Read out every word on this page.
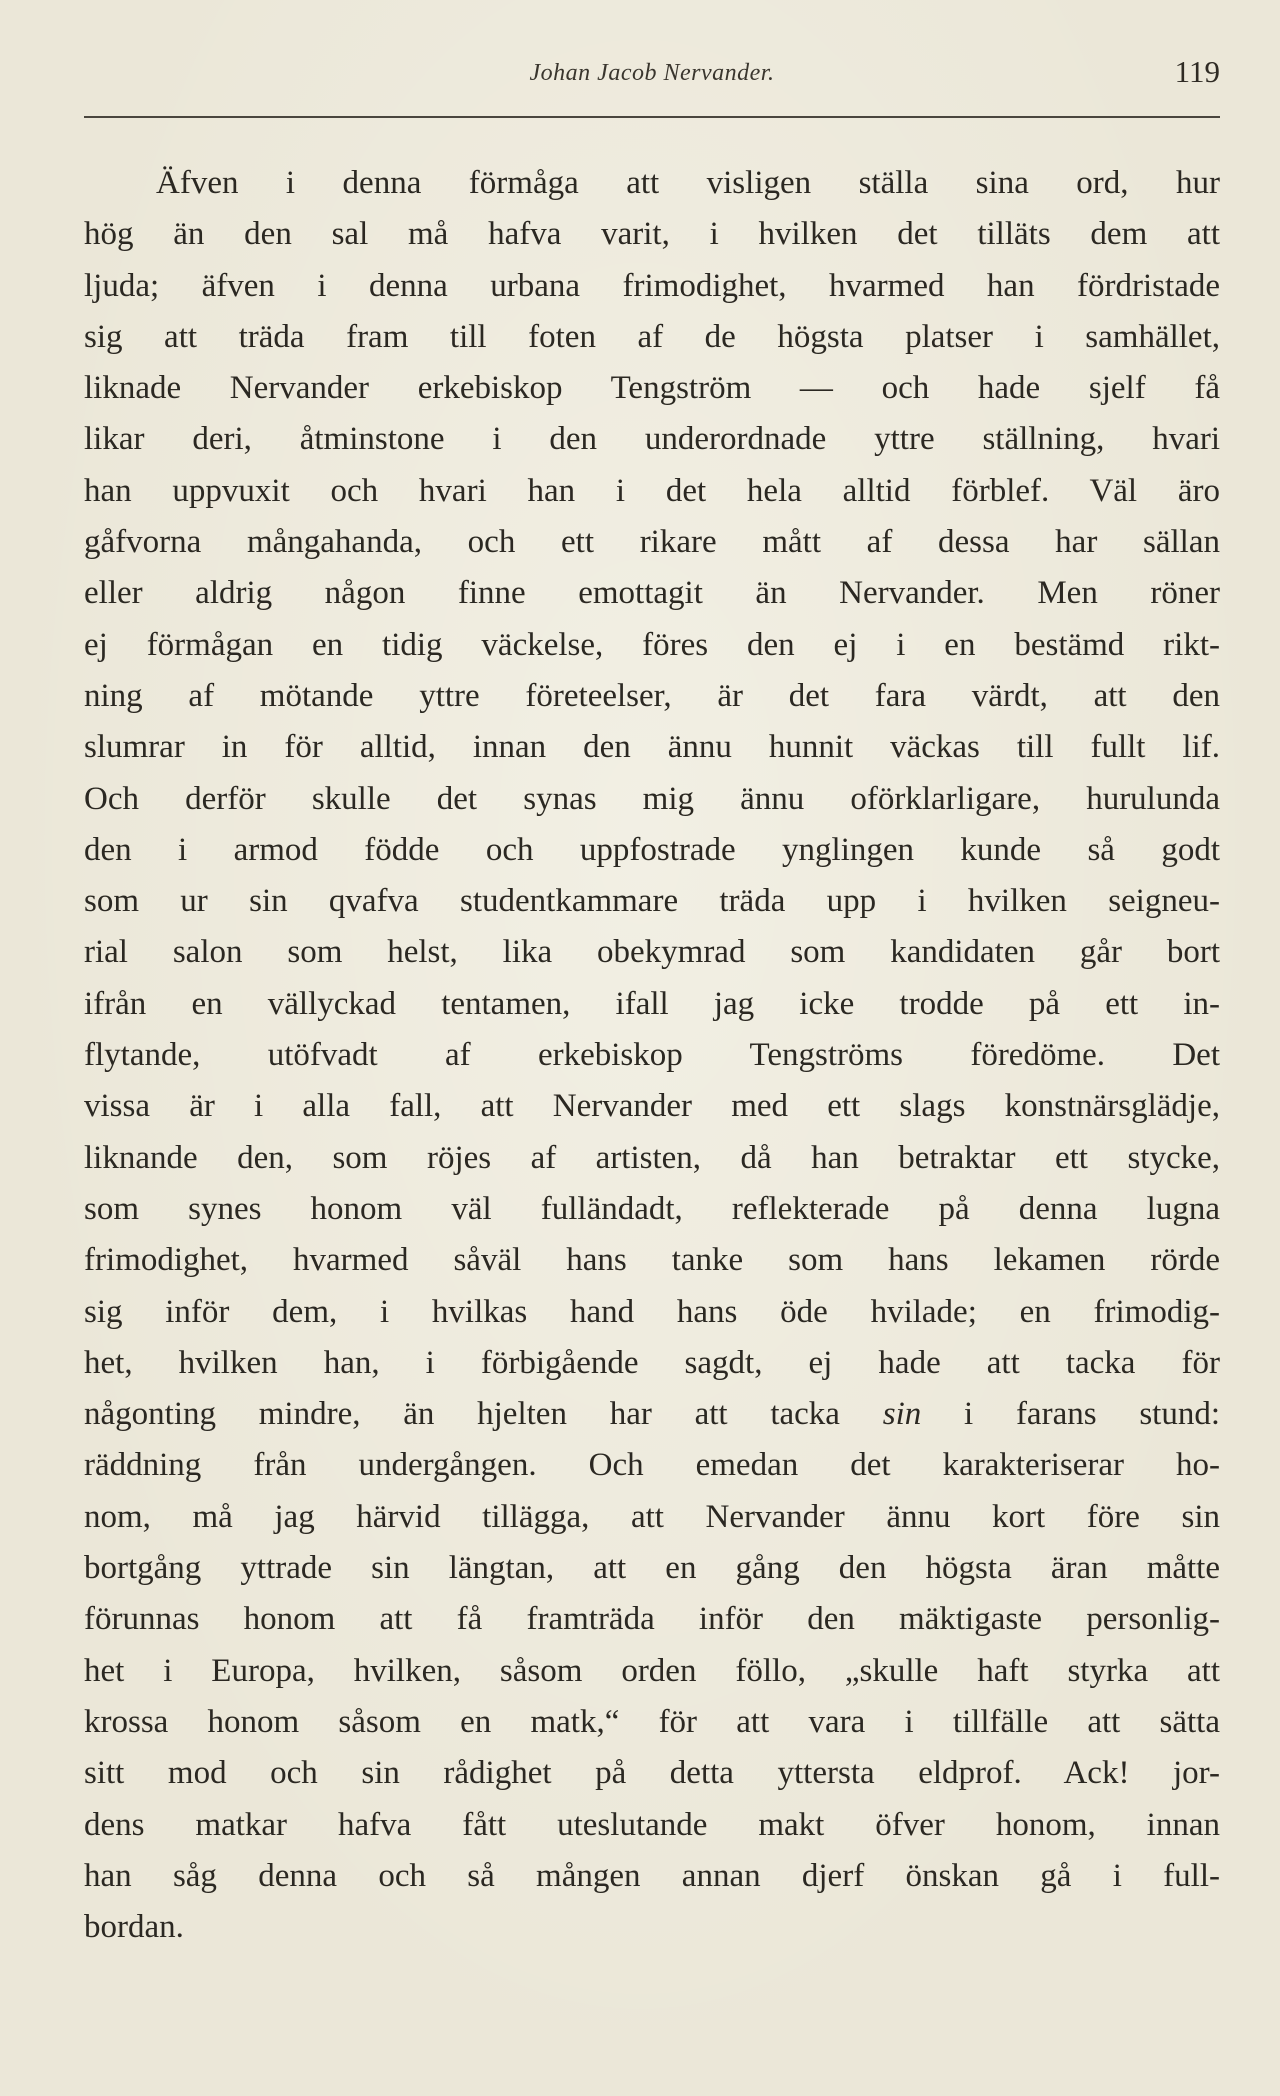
Johan Jacob Nervander.	119
Äfven i denna förmåga att visligen ställa sina ord, hur
hög än den sal må hafva varit, i hvilken det tilläts dem att
ljuda; äfven i denna urbana frimodighet, hvarmed han fördristade
sig att träda fram till foten af de högsta platser i samhället,
liknade Nervander erkebiskop Tengström — och hade sjelf få
likar deri, åtminstone i den underordnade yttre ställning, hvari
han uppvuxit och hvari han i det hela alltid förblef. Väl äro
gåfvorna mångahanda, och ett rikare mått af dessa har sällan
eller aldrig någon finne emottagit än Nervander. Men röner
ej förmågan en tidig väckelse, föres den ej i en bestämd rikt-
ning af mötande yttre företeelser, är det fara värdt, att den
slumrar in för alltid, innan den ännu hunnit väckas till fullt lif.
Och derför skulle det synas mig ännu oförklarligare, hurulunda
den i armod födde och uppfostrade ynglingen kunde så godt
som ur sin qvafva studentkammare träda upp i hvilken seigneu-
rial salon som helst, lika obekymrad som kandidaten går bort
ifrån en vällyckad tentamen, ifall jag icke trodde på ett in-
flytande, utöfvadt af erkebiskop Tengströms föredöme. Det
vissa är i alla fall, att Nervander med ett slags konstnärsglädje,
liknande den, som röjes af artisten, då han betraktar ett stycke,
som synes honom väl fulländadt, reflekterade på denna lugna
frimodighet, hvarmed såväl hans tanke som hans lekamen rörde
sig inför dem, i hvilkas hand hans öde hvilade; en frimodig-
het, hvilken han, i förbigående sagdt, ej hade att tacka för
någonting mindre, än hjelten har att tacka sin i farans stund:
räddning från undergången. Och emedan det karakteriserar ho-
nom, må jag härvid tillägga, att Nervander ännu kort före sin
bortgång yttrade sin längtan, att en gång den högsta äran måtte
förunnas honom att få framträda inför den mäktigaste personlig-
het i Europa, hvilken, såsom orden föllo, „skulle haft styrka att
krossa honom såsom en matk,“ för att vara i tillfälle att sätta
sitt mod och sin rådighet på detta yttersta eldprof. Ack! jor-
dens matkar hafva fått uteslutande makt öfver honom, innan
han såg denna och så mången annan djerf önskan gå i full-
bordan.
